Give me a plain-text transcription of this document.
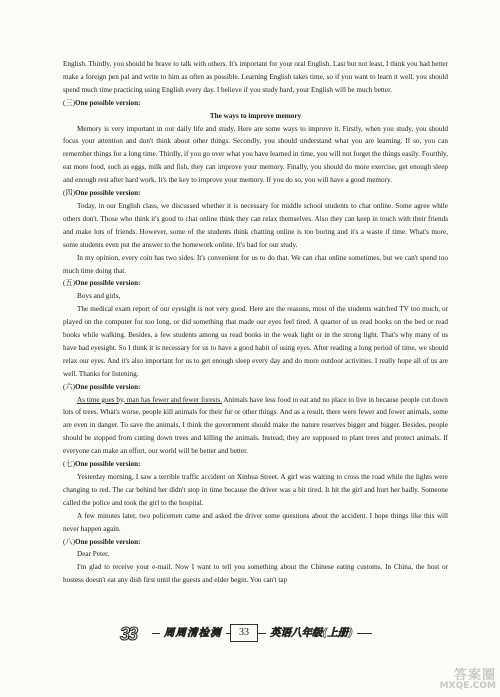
English. Thirdly, you should be brave to talk with others. It's important for your oral English. Last but not least, I think you had better make a foreign pen pal and write to him as often as possible. Learning English takes time, so if you want to learn it well, you should spend much time practicing using English every day. I believe if you study hard, your English will be much better.

(三)One possible version:

The ways to improve memory

Memory is very important in our daily life and study. Here are some ways to improve it. Firstly, when you study, you should focus your attention and don't think about other things. Secondly, you should understand what you are learning. If so, you can remember things for a long time. Thirdly, if you go over what you have learned in time, you will not forget the things easily. Fourthly, eat more food, such as eggs, milk and fish, they can improve your memory. Finally, you should do more exercise, get enough sleep and enough rest after hard work. It's the key to improve your memory. If you do so, you will have a good memory.

(四)One possible version:

Today, in our English class, we discussed whether it is necessary for middle school students to chat online. Some agree while others don't. Those who think it's good to chat online think they can relax themselves. Also they can keep in touch with their friends and make lots of friends. However, some of the students think chatting online is too boring and it's a waste if time. What's more, some students even put the answer to the homework online. It's bad for our study.

In my opinion, every coin has two sides. It's convenient for us to do that. We can chat online sometimes, but we can't spend too much time doing that.

(五)One possible version:

Boys and girls,

The medical exam report of our eyesight is not very good. Here are the reasons, most of the students watched TV too much, or played on the computer for too long, or did something that made our eyes feel tired. A quarter of us read books on the bed or read books while walking. Besides, a few students among us read books in the weak light or in the strong light. That's why many of us have bad eyesight. So I think it is necessary for us to have a good habit of using eyes. After reading a long period of time, we should relax our eyes. And it's also important for us to get enough sleep every day and do more outdoor activities. I really hope all of us are well. Thanks for listening.

(六)One possible version:

As time goes by, man has fewer and fewer forests. Animals have less food to eat and no place to live in because people cut down lots of trees. What's worse, people kill animals for their fur or other things. And as a result, there were fewer and fewer animals, some are even in danger. To save the animals, I think the government should make the nature reserves bigger and bigger. Besides, people should be stopped from cutting down trees and killing the animals. Instead, they are supposed to plant trees and protect animals. If everyone can make an effort, our world will be better and better.

(七)One possible version:

Yesterday morning, I saw a terrible traffic accident on Xinhua Street. A girl was waiting to cross the road while the lights were changing to red. The car behind her didn't stop in time because the driver was a bit tired. It hit the girl and hurt her badly. Someone called the police and took the girl to the hospital.

A few minutes later, two policemen came and asked the driver some questions about the accident. I hope things like this will never happen again.

(八)One possible version:

Dear Peter,

I'm glad to receive your e-mail. Now I want to tell you something about the Chinese eating customs. In China, the host or hostess doesn't eat any dish first until the guests and elder begin. You can't tap

33	周周清检测	33	英语八年级(上册)
答案圈
MXQE.COM
